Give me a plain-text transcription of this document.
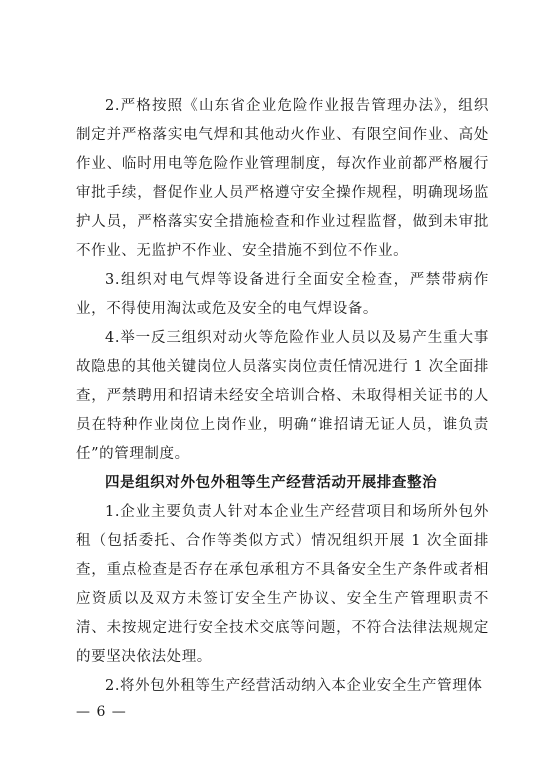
2.严格按照《山东省企业危险作业报告管理办法》，组织制定并严格落实电气焊和其他动火作业、有限空间作业、高处作业、临时用电等危险作业管理制度，每次作业前都严格履行审批手续，督促作业人员严格遵守安全操作规程，明确现场监护人员，严格落实安全措施检查和作业过程监督，做到未审批不作业、无监护不作业、安全措施不到位不作业。

3.组织对电气焊等设备进行全面安全检查，严禁带病作业，不得使用淘汰或危及安全的电气焊设备。

4.举一反三组织对动火等危险作业人员以及易产生重大事故隐患的其他关键岗位人员落实岗位责任情况进行 1 次全面排查，严禁聘用和招请未经安全培训合格、未取得相关证书的人员在特种作业岗位上岗作业，明确“谁招请无证人员，谁负责任”的管理制度。

四是组织对外包外租等生产经营活动开展排查整治

1.企业主要负责人针对本企业生产经营项目和场所外包外租（包括委托、合作等类似方式）情况组织开展 1 次全面排查，重点检查是否存在承包承租方不具备安全生产条件或者相应资质以及双方未签订安全生产协议、安全生产管理职责不清、未按规定进行安全技术交底等问题，不符合法律法规规定的要坚决依法处理。

2.将外包外租等生产经营活动纳入本企业安全生产管理体

— 6 —
